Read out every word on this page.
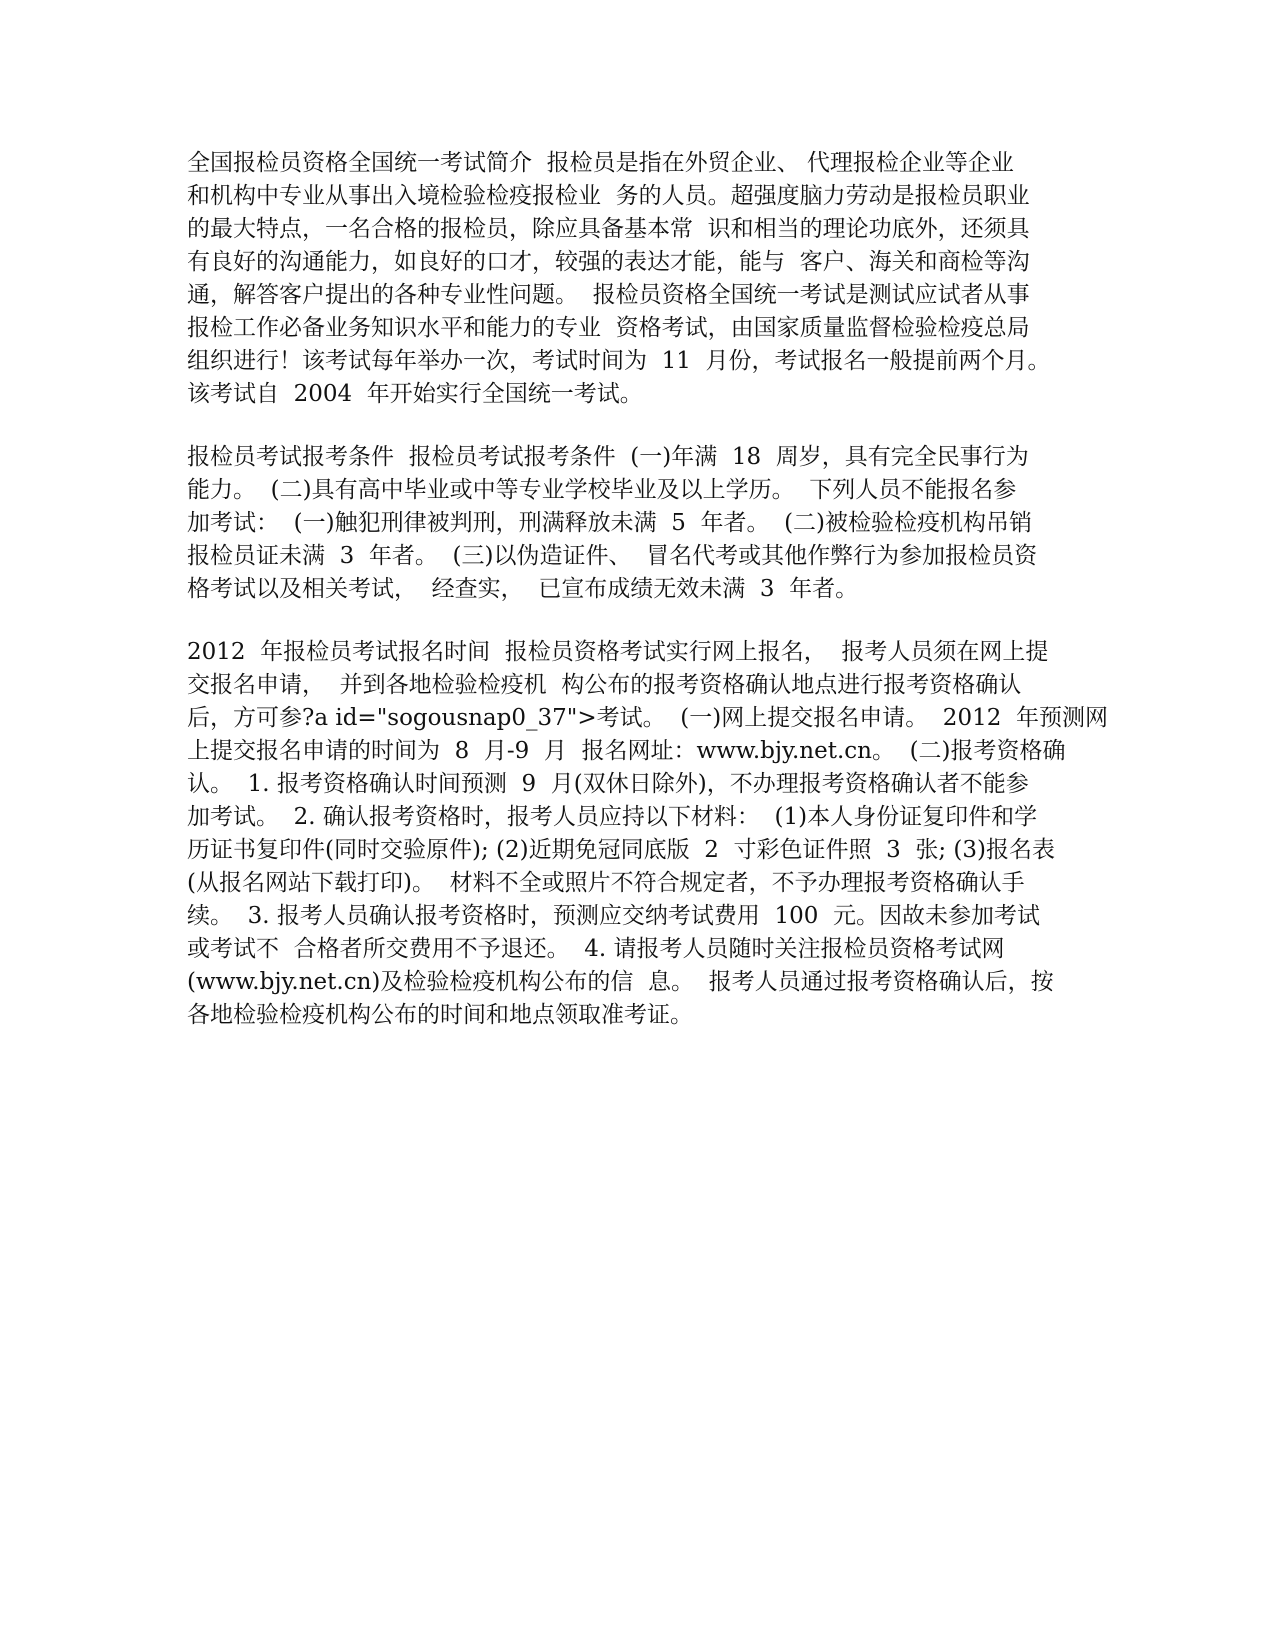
全国报检员资格全国统一考试简介  报检员是指在外贸企业、 代理报检企业等企业
和机构中专业从事出入境检验检疫报检业  务的人员。超强度脑力劳动是报检员职业
的最大特点，一名合格的报检员，除应具备基本常  识和相当的理论功底外，还须具
有良好的沟通能力，如良好的口才，较强的表达才能，能与  客户、海关和商检等沟
通，解答客户提出的各种专业性问题。  报检员资格全国统一考试是测试应试者从事
报检工作必备业务知识水平和能力的专业  资格考试，由国家质量监督检验检疫总局
组织进行！该考试每年举办一次，考试时间为  11  月份，考试报名一般提前两个月。
该考试自  2004  年开始实行全国统一考试。

报检员考试报考条件  报检员考试报考条件  (一)年满  18  周岁，具有完全民事行为
能力。  (二)具有高中毕业或中等专业学校毕业及以上学历。  下列人员不能报名参
加考试：  (一)触犯刑律被判刑，刑满释放未满  5  年者。  (二)被检验检疫机构吊销
报检员证未满  3  年者。  (三)以伪造证件、  冒名代考或其他作弊行为参加报检员资
格考试以及相关考试，  经查实，  已宣布成绩无效未满  3  年者。

2012  年报检员考试报名时间  报检员资格考试实行网上报名，  报考人员须在网上提
交报名申请，  并到各地检验检疫机  构公布的报考资格确认地点进行报考资格确认
后，方可参?a id="sogousnap0_37">考试。  (一)网上提交报名申请。  2012  年预测网
上提交报名申请的时间为  8  月-9  月  报名网址：www.bjy.net.cn。  (二)报考资格确
认。  1. 报考资格确认时间预测  9  月(双休日除外)，不办理报考资格确认者不能参
加考试。  2. 确认报考资格时，报考人员应持以下材料：  (1)本人身份证复印件和学
历证书复印件(同时交验原件); (2)近期免冠同底版  2  寸彩色证件照  3  张; (3)报名表
(从报名网站下载打印)。  材料不全或照片不符合规定者，不予办理报考资格确认手
续。  3. 报考人员确认报考资格时，预测应交纳考试费用  100  元。因故未参加考试
或考试不  合格者所交费用不予退还。  4. 请报考人员随时关注报检员资格考试网
(www.bjy.net.cn)及检验检疫机构公布的信  息。  报考人员通过报考资格确认后，按
各地检验检疫机构公布的时间和地点领取准考证。
